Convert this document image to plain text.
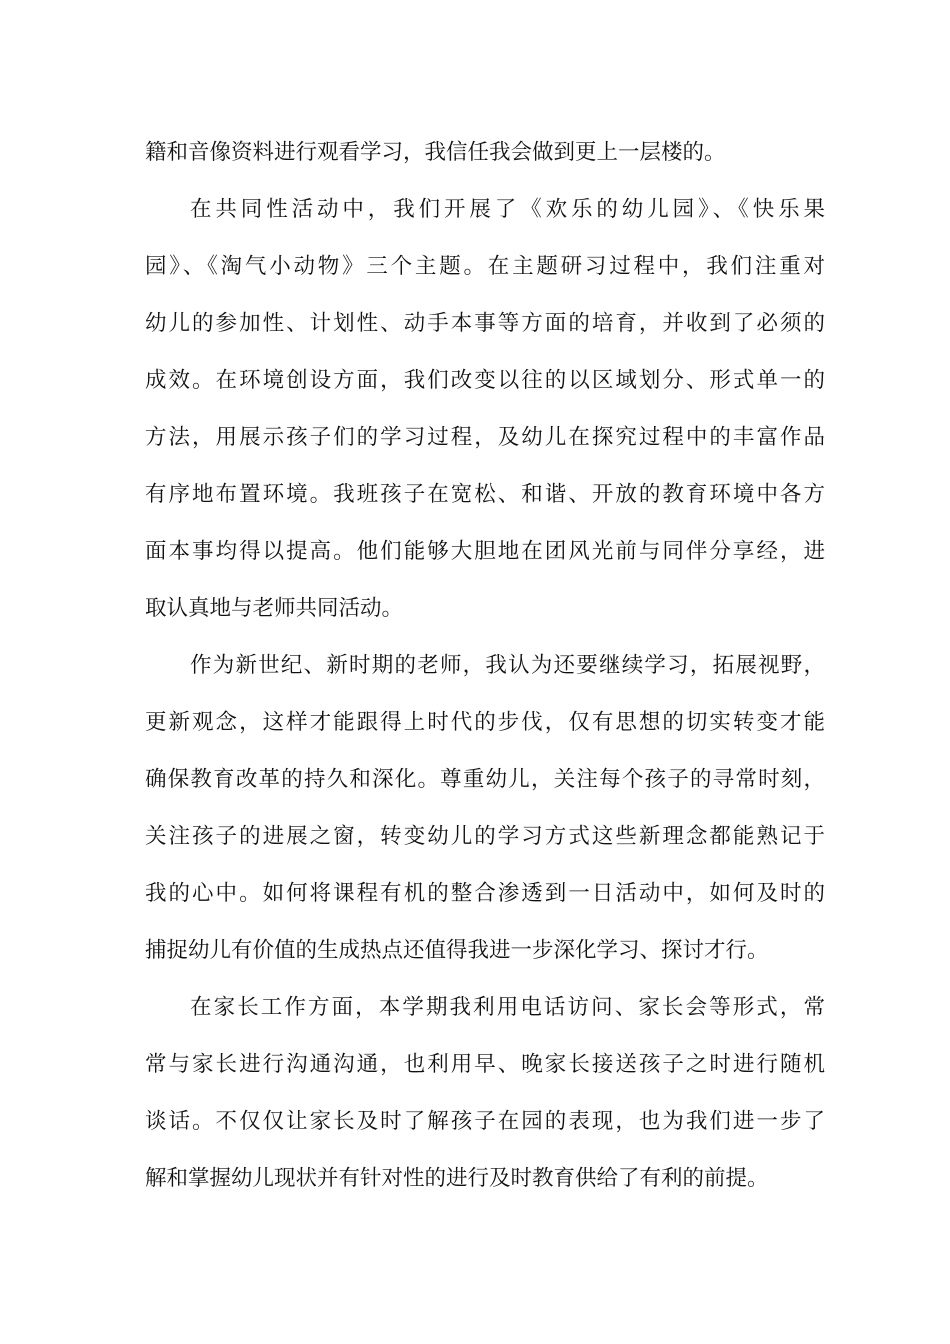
籍和音像资料进行观看学习，我信任我会做到更上一层楼的。
在共同性活动中，我们开展了《欢乐的幼儿园》、《快乐果
园》、《淘气小动物》三个主题。在主题研习过程中，我们注重对
幼儿的参加性、计划性、动手本事等方面的培育，并收到了必须的
成效。在环境创设方面，我们改变以往的以区域划分、形式单一的
方法，用展示孩子们的学习过程，及幼儿在探究过程中的丰富作品
有序地布置环境。我班孩子在宽松、和谐、开放的教育环境中各方
面本事均得以提高。他们能够大胆地在团风光前与同伴分享经，进
取认真地与老师共同活动。
作为新世纪、新时期的老师，我认为还要继续学习，拓展视野，
更新观念，这样才能跟得上时代的步伐，仅有思想的切实转变才能
确保教育改革的持久和深化。尊重幼儿，关注每个孩子的寻常时刻，
关注孩子的进展之窗，转变幼儿的学习方式这些新理念都能熟记于
我的心中。如何将课程有机的整合渗透到一日活动中，如何及时的
捕捉幼儿有价值的生成热点还值得我进一步深化学习、探讨才行。
在家长工作方面，本学期我利用电话访问、家长会等形式，常
常与家长进行沟通沟通，也利用早、晚家长接送孩子之时进行随机
谈话。不仅仅让家长及时了解孩子在园的表现，也为我们进一步了
解和掌握幼儿现状并有针对性的进行及时教育供给了有利的前提。
